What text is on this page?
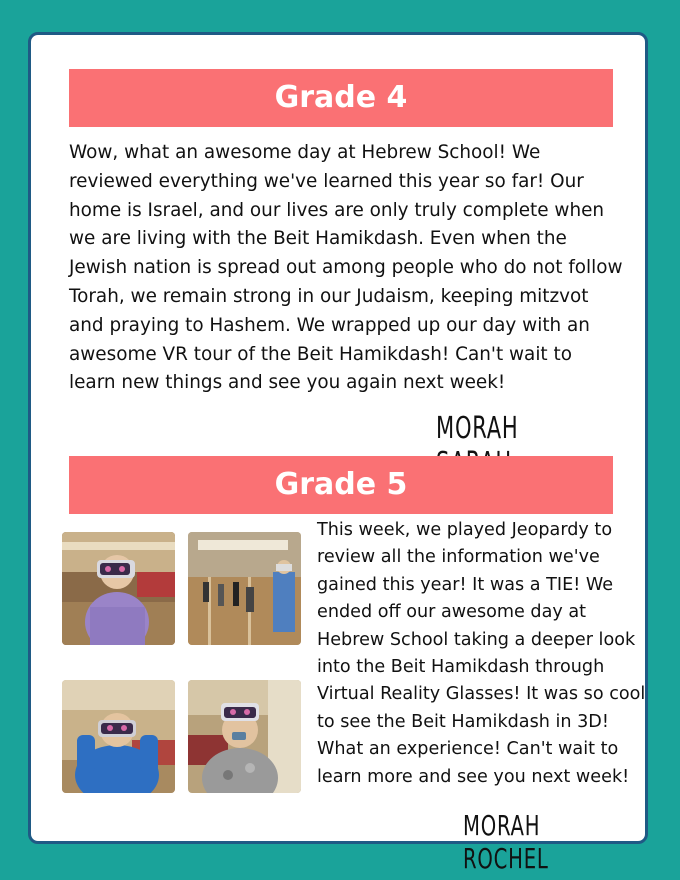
Grade 4
Wow, what an awesome day at Hebrew School! We reviewed everything we've learned this year so far! Our home is Israel, and our lives are only truly complete when we are living with the Beit Hamikdash. Even when the Jewish nation is spread out among people who do not follow Torah, we remain strong in our Judaism, keeping mitzvot and praying to Hashem. We wrapped up our day with an awesome VR tour of the Beit Hamikdash! Can't wait to learn new things and see you again next week!
MORAH
Grade 5
This week, we played Jeopardy to review all the information we've gained this year! It was a TIE! We ended off our awesome day at Hebrew School taking a deeper look into the Beit Hamikdash through Virtual Reality Glasses! It was so cool to see the Beit Hamikdash in 3D! What an experience! Can't wait to learn more and see you next week!
MORAH ROCHEL
